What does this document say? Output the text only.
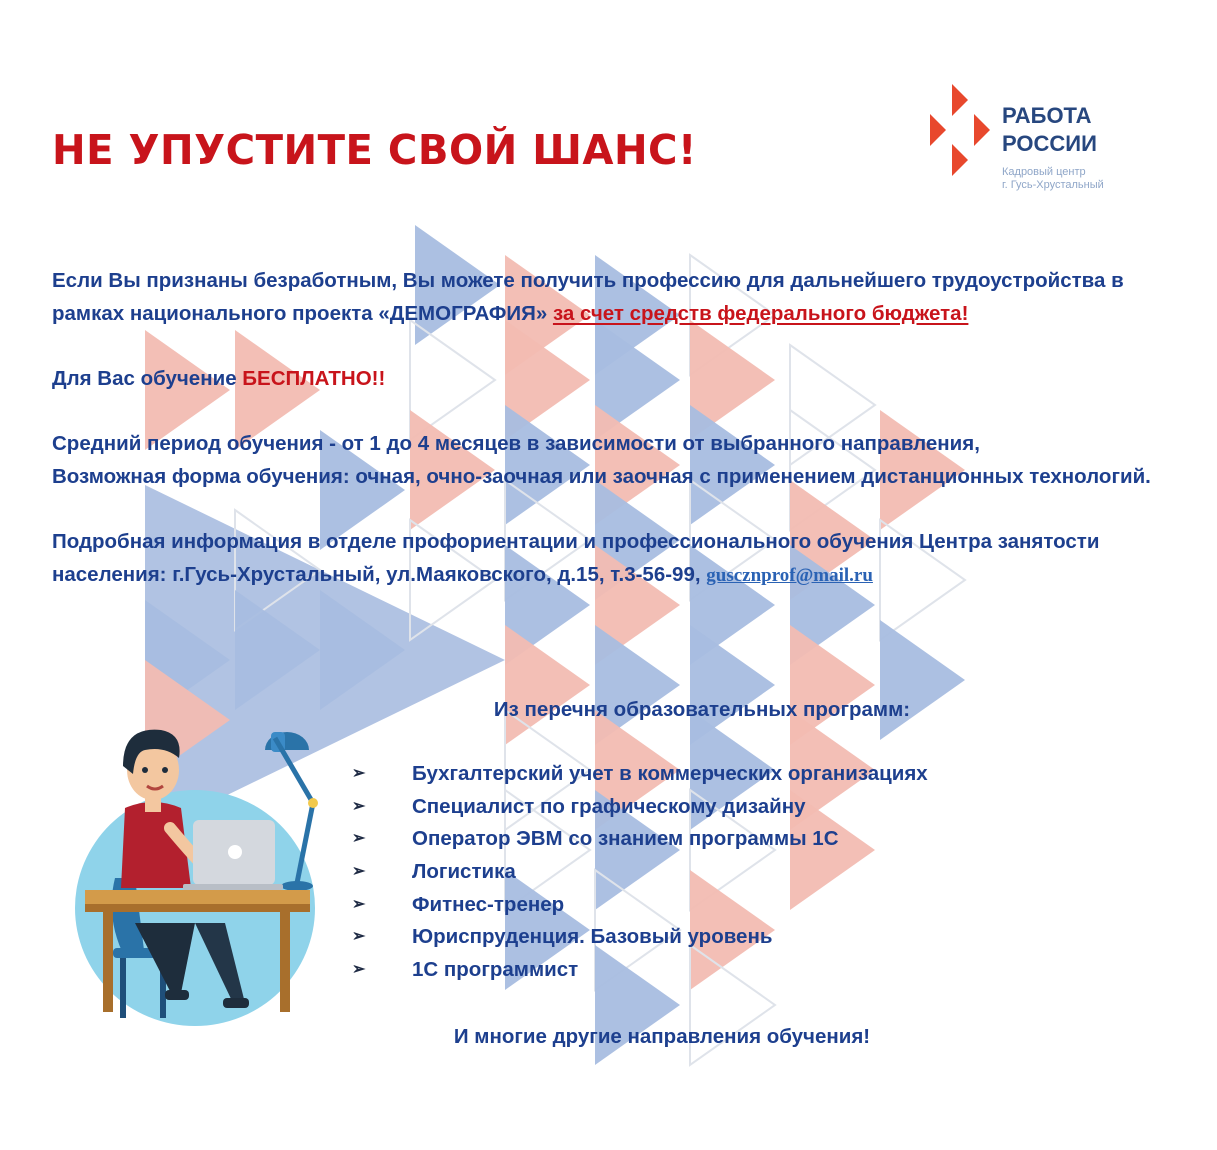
НЕ УПУСТИТЕ СВОЙ ШАНС!
РАБОТА
РОССИИ
Кадровый центр
г. Гусь-Хрустальный

Если Вы признаны безработным, Вы можете получить профессию для дальнейшего трудоустройства в рамках национального проекта «ДЕМОГРАФИЯ» за счет средств федерального бюджета!

Для Вас обучение БЕСПЛАТНО!!

Средний период обучения - от 1 до 4 месяцев в зависимости от выбранного направления,
Возможная форма обучения: очная, очно-заочная или заочная с применением дистанционных технологий.

Подробная информация в отделе профориентации и профессионального обучения Центра занятости населения: г.Гусь-Хрустальный, ул.Маяковского, д.15, т.3-56-99, gusczn​prof@mail.ru

Из перечня образовательных программ:
➢	Бухгалтерский учет в коммерческих организациях
➢	Специалист по графическому дизайну
➢	Оператор ЭВМ со знанием программы 1С
➢	Логистика
➢	Фитнес-тренер
➢	Юриспруденция. Базовый уровень
➢	1С программист

И многие другие направления обучения!
